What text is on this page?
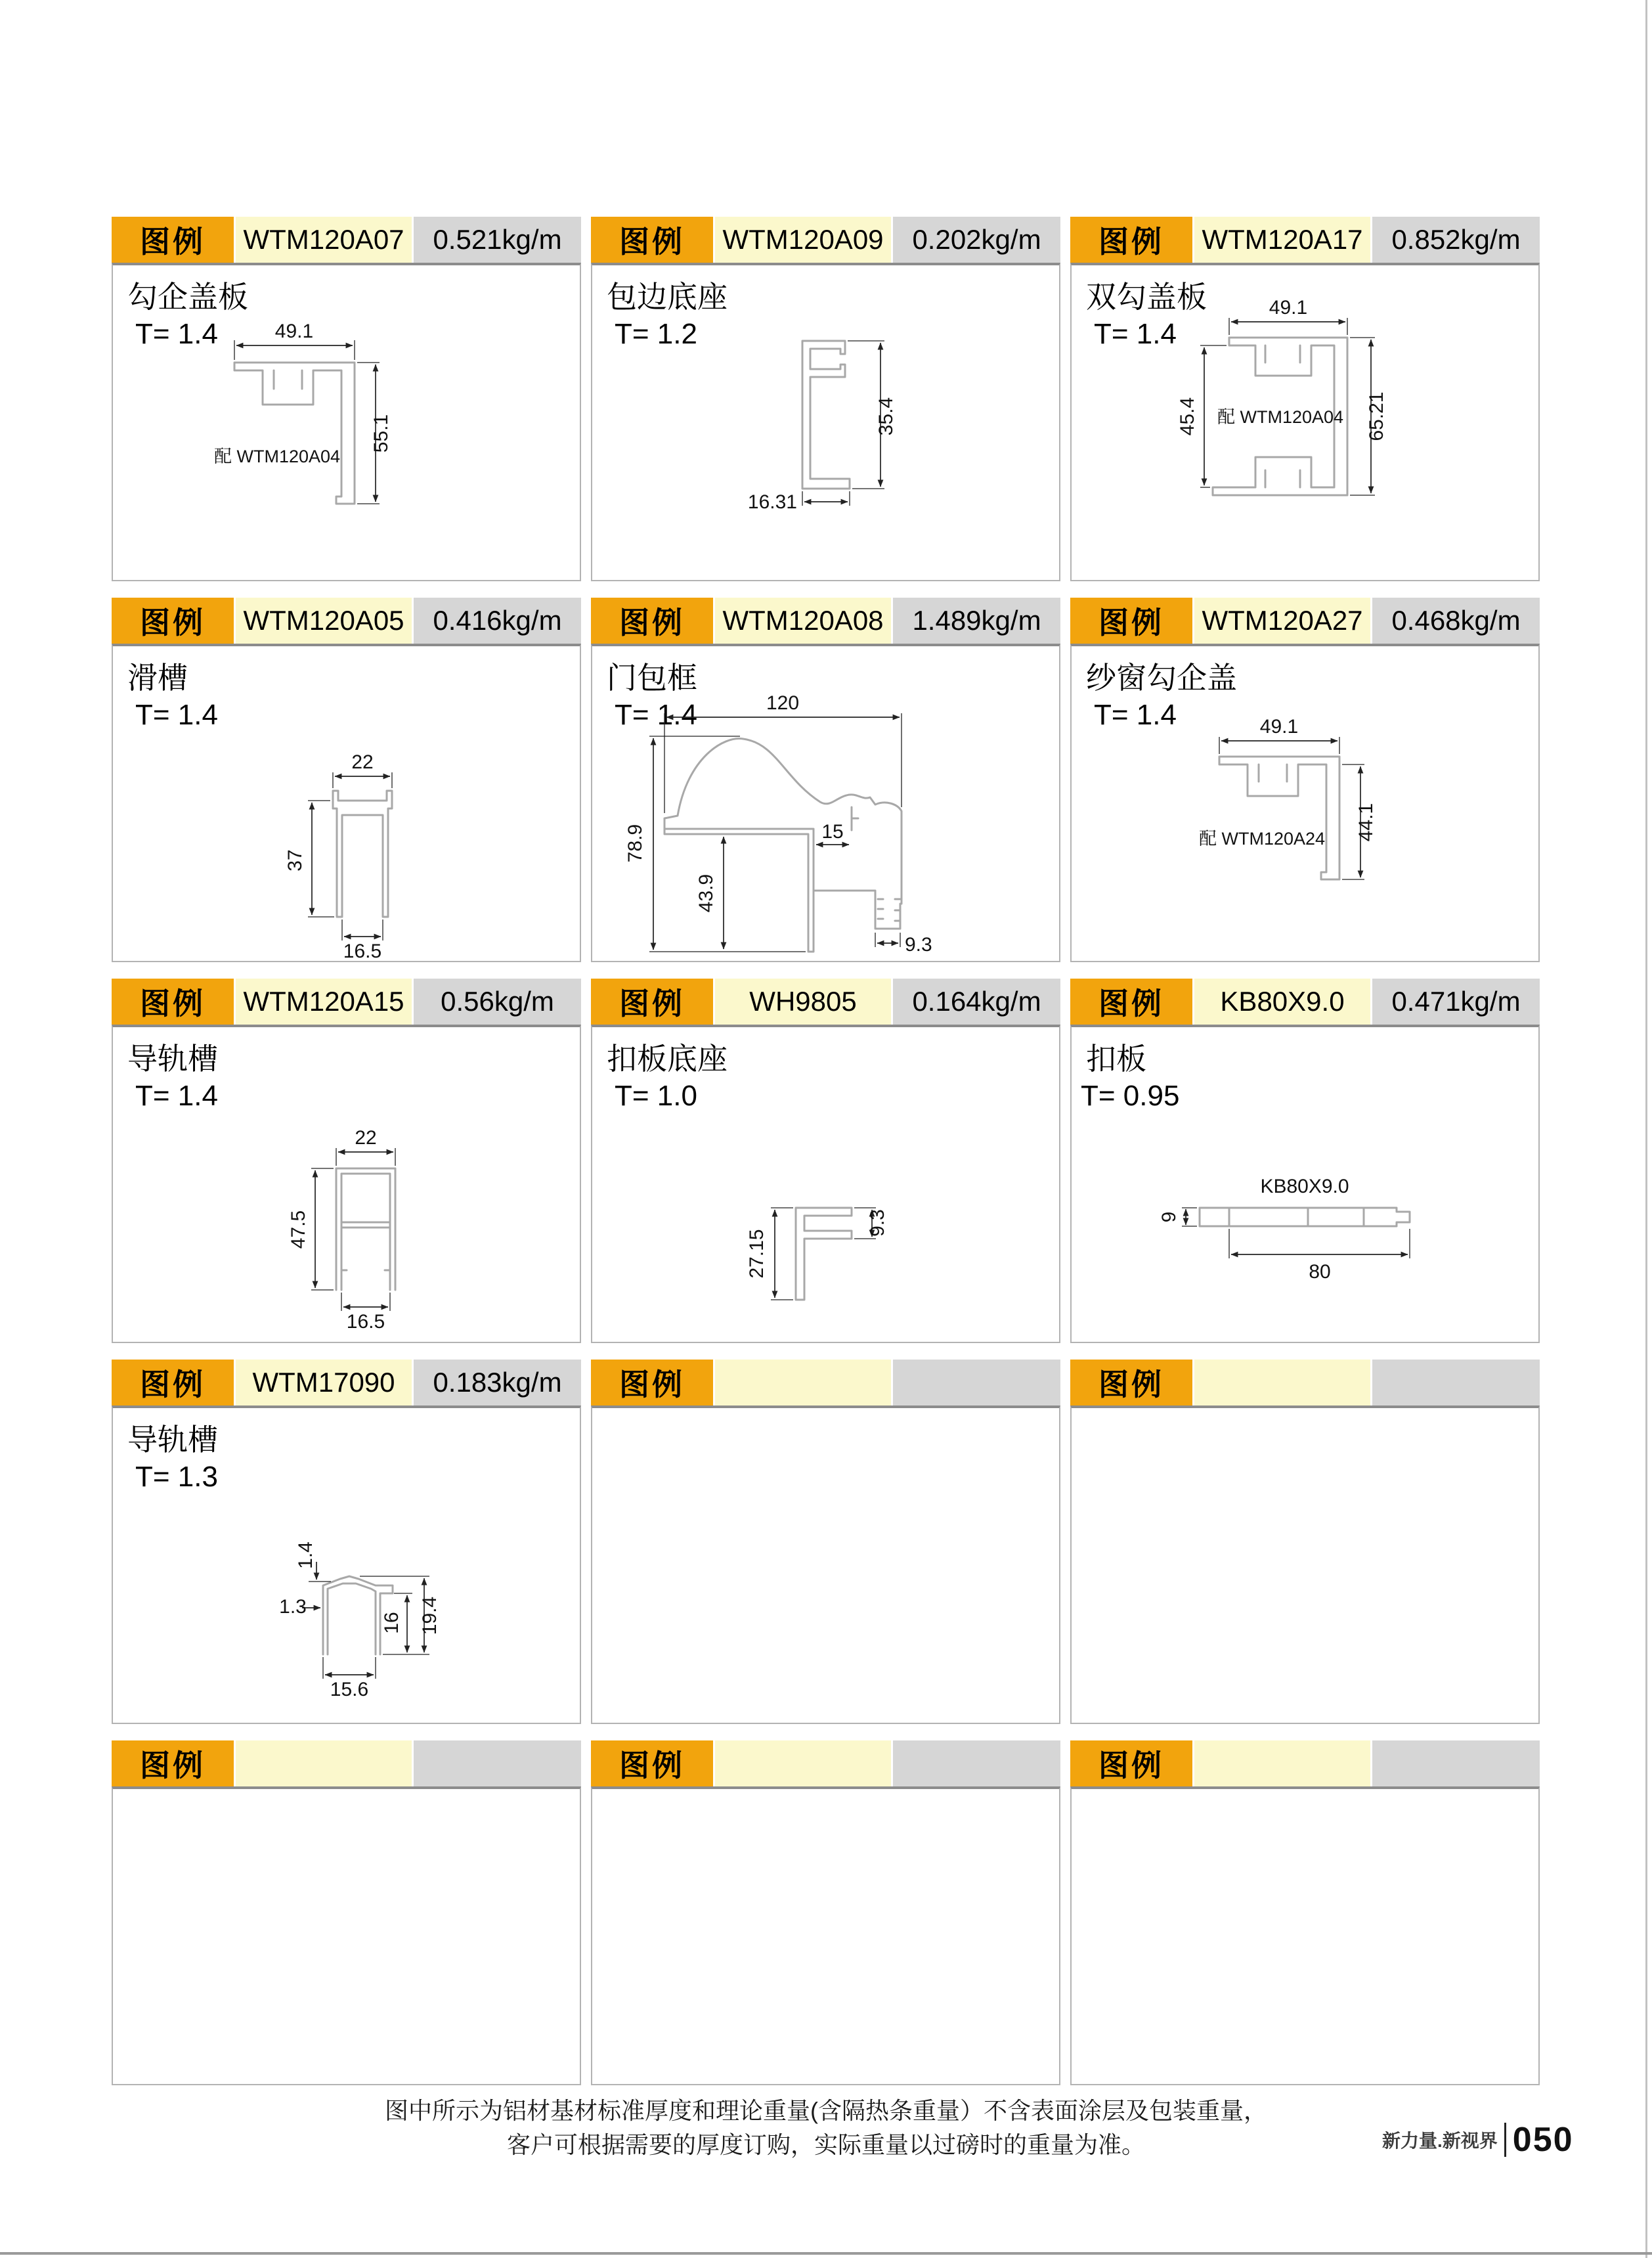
图例 WTM120A07	0.521kg/m
勾企盖板
T= 1.4	49.1
55.1
配 WTM120A04
图例 WTM120A09	0.202kg/m
包边底座
T= 1.2
35.4
16.31
图例 WTM120A17	0.852kg/m
双勾盖板
T= 1.4
49.1
45.4	65.21
配 WTM120A04
图例 WTM120A05	0.416kg/m
滑槽
T= 1.4
22
37
16.5
图例 WTM120A08	1.489kg/m
门包框
T= 1.4	120
78.9
43.9
15
9.3
图例 WTM120A27	0.468kg/m
纱窗勾企盖
T= 1.4	49.1
44.1
配 WTM120A24
图例 WTM120A15	0.56kg/m
导轨槽
T= 1.4
22
47.5
16.5
图例	WH9805	0.164kg/m
扣板底座
T= 1.0
9.3
27.15
图例	KB80X9.0	0.471kg/m
扣板
T= 0.95
KB80X9.0
9
80
图例	WTM17090	0.183kg/m
导轨槽
T= 1.3
1.4
1.3
16 19.4
15.6
图例	图例
图例	图例	图例
图中所示为铝材基材标准厚度和理论重量(含隔热条重量）不含表面涂层及包装重量，
客户可根据需要的厚度订购，实际重量以过磅时的重量为准。	新力量.新视界 050
